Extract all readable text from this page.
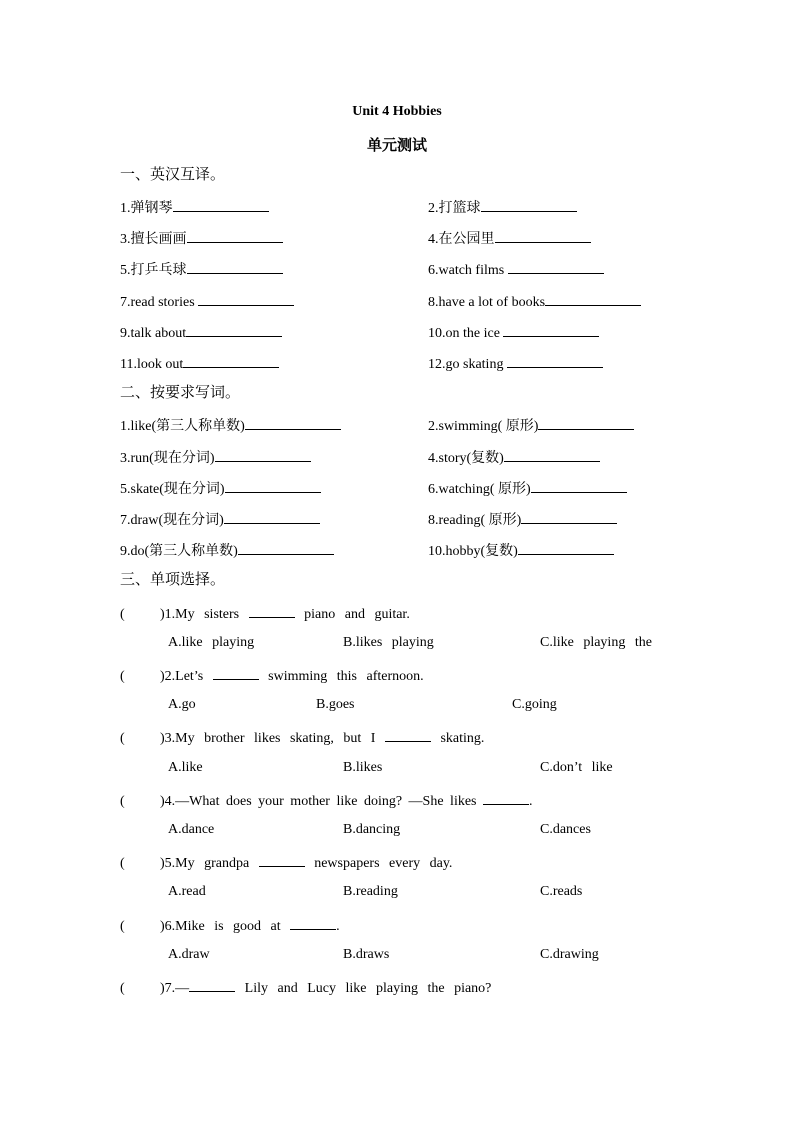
Unit 4 Hobbies
单元测试
一、英汉互译。
1.弹钢琴	2.打篮球
3.擅长画画	4.在公园里
5.打乒乓球	6.watch films
7.read stories	8.have a lot of books
9.talk about	10.on the ice
11.look out	12.go skating
二、按要求写词。
1.like(第三人称单数)	2.swimming( 原形)
3.run(现在分词)	4.story(复数)
5.skate(现在分词)	6.watching( 原形)
7.draw(现在分词)	8.reading( 原形)
9.do(第三人称单数)	10.hobby(复数)
三、单项选择。
(	)1.My sisters	piano and guitar.
A.like playing	B.likes playing	C.like playing the
(	)2.Let’s	swimming this afternoon.
A.go	B.goes	C.going
(	)3.My brother likes skating, but I	skating.
A.like	B.likes	C.don’t like
(	)4.—What does your mother like doing? —She likes	.
A.dance	B.dancing	C.dances
(	)5.My grandpa	newspapers every day.
A.read	B.reading	C.reads
(	)6.Mike is good at	.
A.draw	B.draws	C.drawing
(	)7.—	Lily and Lucy like playing the piano?
